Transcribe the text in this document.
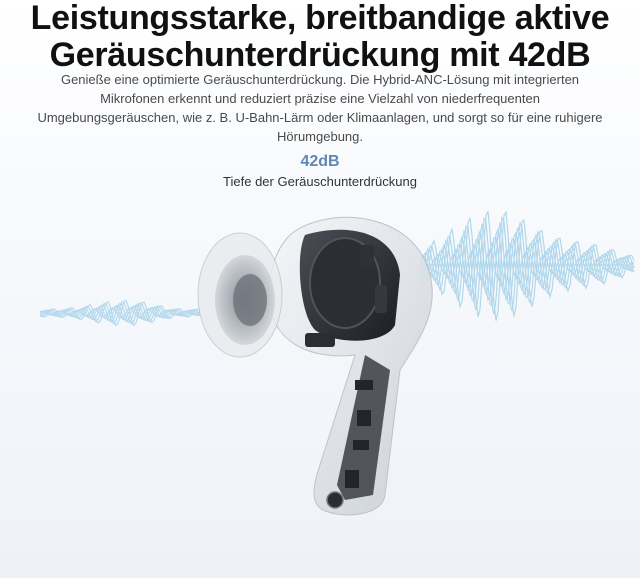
Leistungsstarke, breitbandige aktive
Geräuschunterdrückung mit 42dB
Genieße eine optimierte Geräuschunterdrückung. Die Hybrid-ANC-Lösung mit integrierten
Mikrofonen erkennt und reduziert präzise eine Vielzahl von niederfrequenten
Umgebungsgeräuschen, wie z. B. U-Bahn-Lärm oder Klimaanlagen, und sorgt so für eine ruhigere
Hörumgebung.
42dB
Tiefe der Geräuschunterdrückung
